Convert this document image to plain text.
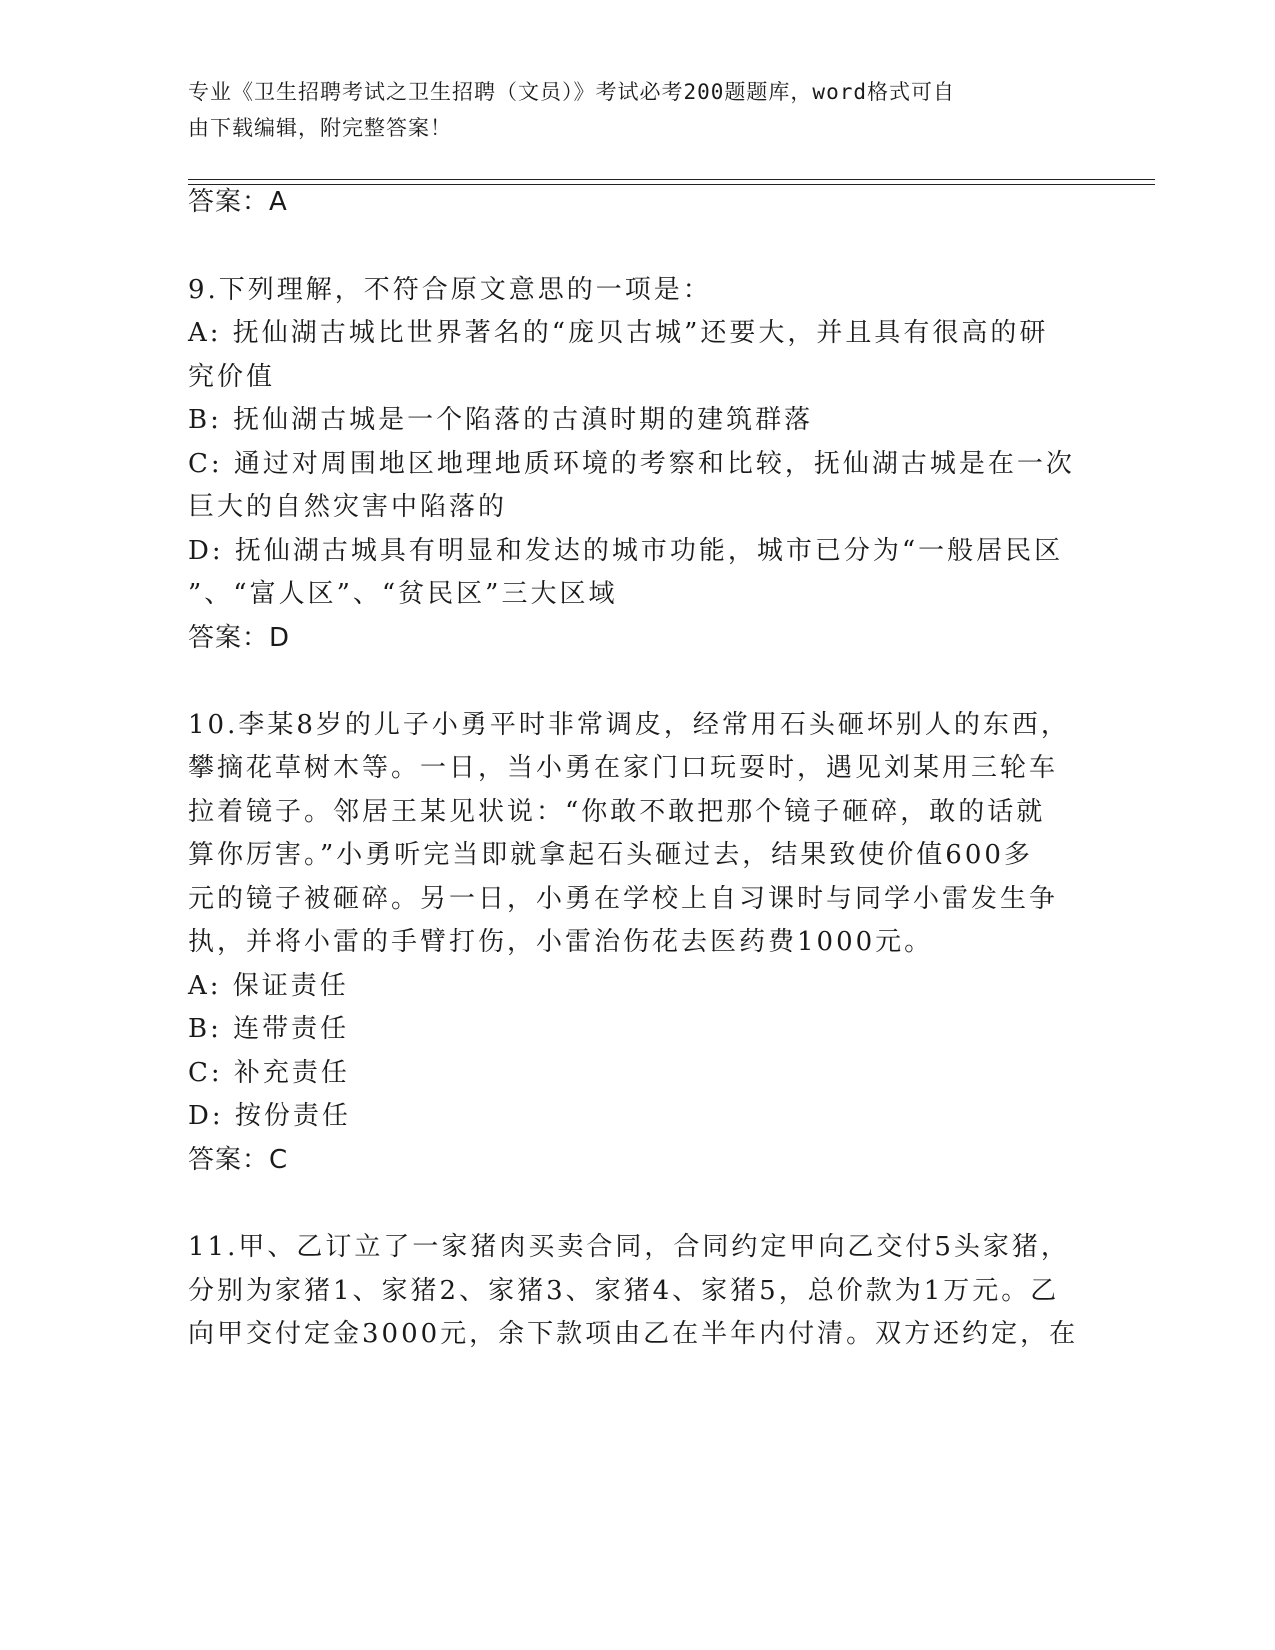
专业《卫生招聘考试之卫生招聘（文员）》考试必考200题题库，word格式可自
由下载编辑，附完整答案！
答案：A
9.下列理解，不符合原文意思的一项是：
A: 抚仙湖古城比世界著名的“庞贝古城”还要大，并且具有很高的研
究价值
B: 抚仙湖古城是一个陷落的古滇时期的建筑群落
C: 通过对周围地区地理地质环境的考察和比较，抚仙湖古城是在一次
巨大的自然灾害中陷落的
D: 抚仙湖古城具有明显和发达的城市功能，城市已分为“一般居民区
”、“富人区”、“贫民区”三大区域
答案：D
10.李某8岁的儿子小勇平时非常调皮，经常用石头砸坏别人的东西，
攀摘花草树木等。一日，当小勇在家门口玩耍时，遇见刘某用三轮车
拉着镜子。邻居王某见状说：“你敢不敢把那个镜子砸碎，敢的话就
算你厉害。”小勇听完当即就拿起石头砸过去，结果致使价值600多
元的镜子被砸碎。另一日，小勇在学校上自习课时与同学小雷发生争
执，并将小雷的手臂打伤，小雷治伤花去医药费1000元。
A: 保证责任
B: 连带责任
C: 补充责任
D: 按份责任
答案：C
11.甲、乙订立了一家猪肉买卖合同，合同约定甲向乙交付5头家猪，
分别为家猪1、家猪2、家猪3、家猪4、家猪5，总价款为1万元。乙
向甲交付定金3000元，余下款项由乙在半年内付清。双方还约定，在
